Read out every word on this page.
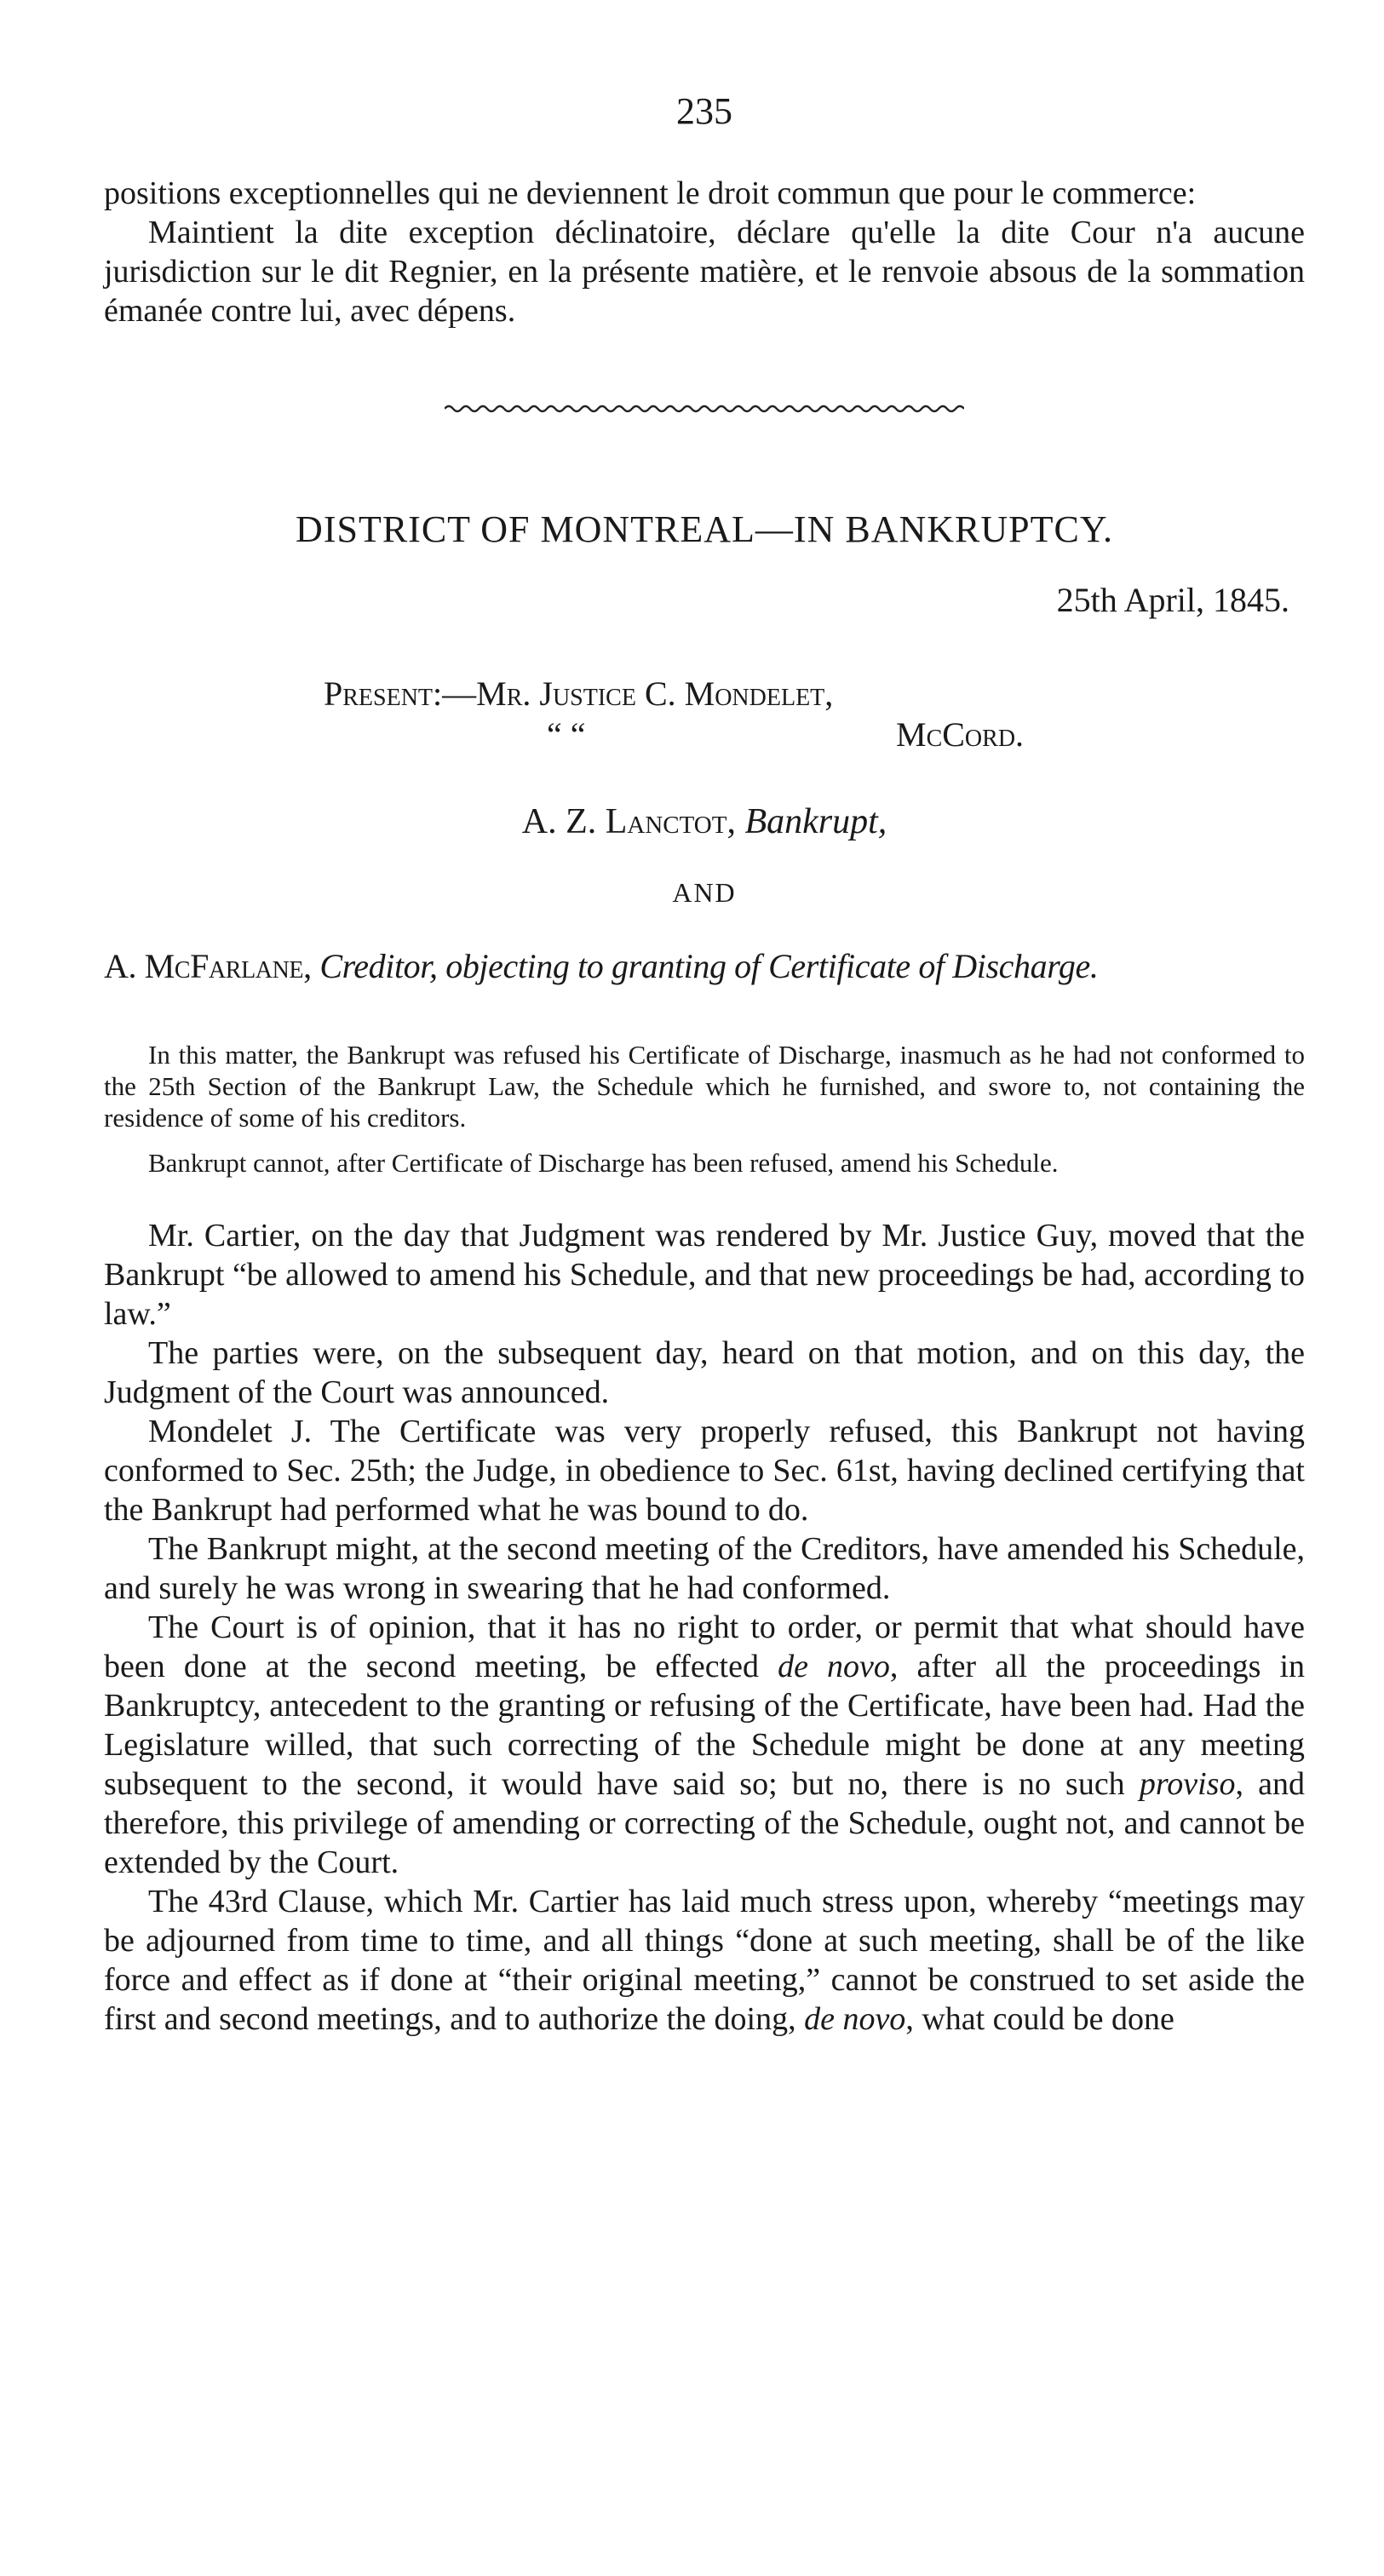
235

positions exceptionnelles qui ne deviennent le droit commun que pour le commerce:

Maintient la dite exception déclinatoire, déclare qu'elle la dite Cour n'a aucune jurisdiction sur le dit Regnier, en la présente matière, et le renvoie absous de la sommation émanée contre lui, avec dépens.

DISTRICT OF MONTREAL—IN BANKRUPTCY.
25th April, 1845.
Present:—Mr. Justice C. Mondelet,
“ “	McCord.
A. Z. Lanctot, Bankrupt,
AND
A. McFarlane, Creditor, objecting to granting of Certificate of Discharge.

In this matter, the Bankrupt was refused his Certificate of Discharge, inasmuch as he had not conformed to the 25th Section of the Bankrupt Law, the Schedule which he furnished, and swore to, not containing the residence of some of his creditors.

Bankrupt cannot, after Certificate of Discharge has been refused, amend his Schedule.

Mr. Cartier, on the day that Judgment was rendered by Mr. Justice Guy, moved that the Bankrupt “be allowed to amend his Schedule, and that new proceedings be had, according to law.”

The parties were, on the subsequent day, heard on that motion, and on this day, the Judgment of the Court was announced.

Mondelet J. The Certificate was very properly refused, this Bankrupt not having conformed to Sec. 25th; the Judge, in obedience to Sec. 61st, having declined certifying that the Bankrupt had performed what he was bound to do.

The Bankrupt might, at the second meeting of the Creditors, have amended his Schedule, and surely he was wrong in swearing that he had conformed.

The Court is of opinion, that it has no right to order, or permit that what should have been done at the second meeting, be effected de novo, after all the proceedings in Bankruptcy, antecedent to the granting or refusing of the Certificate, have been had. Had the Legislature willed, that such correcting of the Schedule might be done at any meeting subsequent to the second, it would have said so; but no, there is no such proviso, and therefore, this privilege of amending or correcting of the Schedule, ought not, and cannot be extended by the Court.

The 43rd Clause, which Mr. Cartier has laid much stress upon, whereby “meetings may be adjourned from time to time, and all things “done at such meeting, shall be of the like force and effect as if done at “their original meeting,” cannot be construed to set aside the first and second meetings, and to authorize the doing, de novo, what could be done
